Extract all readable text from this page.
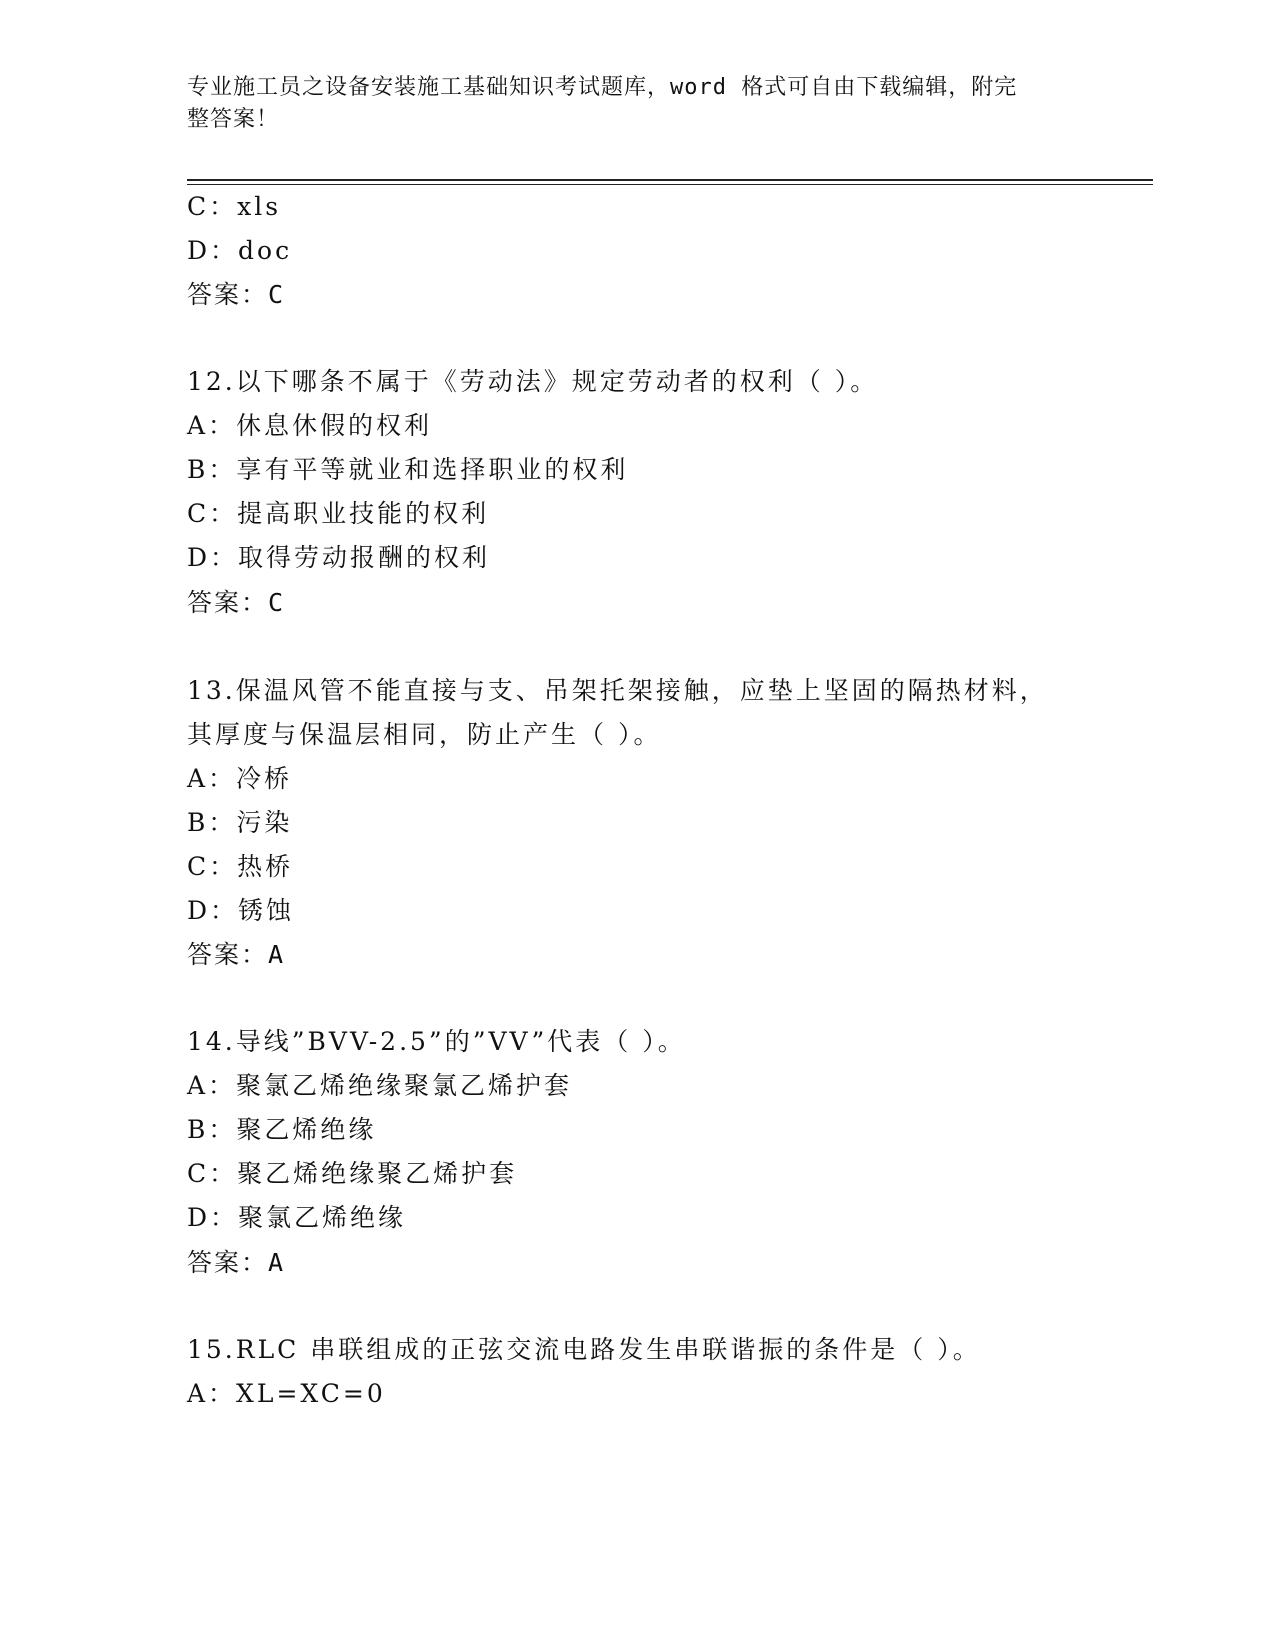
专业施工员之设备安装施工基础知识考试题库，word 格式可自由下载编辑，附完
整答案！
C：xls
D：doc
答案：C
12.以下哪条不属于《劳动法》规定劳动者的权利（ ）。
A：休息休假的权利
B：享有平等就业和选择职业的权利
C：提高职业技能的权利
D：取得劳动报酬的权利
答案：C
13.保温风管不能直接与支、吊架托架接触，应垫上坚固的隔热材料，
其厚度与保温层相同，防止产生（ ）。
A：冷桥
B：污染
C：热桥
D：锈蚀
答案：A
14.导线”BVV-2.5”的”VV”代表（ ）。
A：聚氯乙烯绝缘聚氯乙烯护套
B：聚乙烯绝缘
C：聚乙烯绝缘聚乙烯护套
D：聚氯乙烯绝缘
答案：A
15.RLC 串联组成的正弦交流电路发生串联谐振的条件是（ ）。
A：XL=XC=0
